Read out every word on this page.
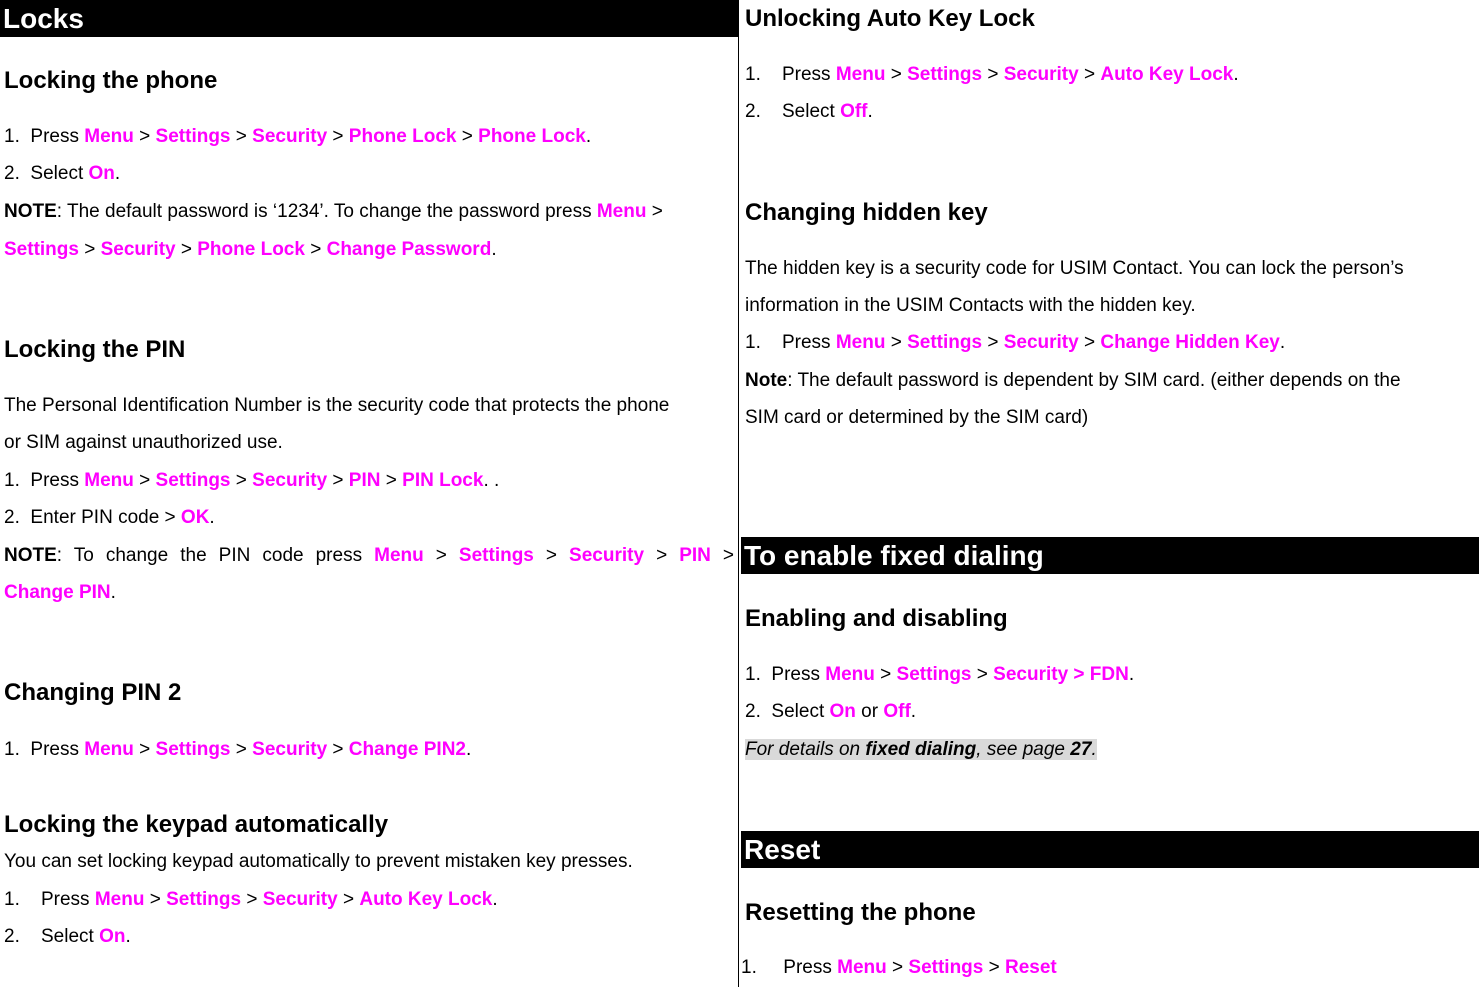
Locks
Locking the phone
1. Press Menu > Settings > Security > Phone Lock > Phone Lock.
2. Select On.
NOTE: The default password is ‘1234’. To change the password press Menu >
Settings > Security > Phone Lock > Change Password.
Locking the PIN
The Personal Identification Number is the security code that protects the phone
or SIM against unauthorized use.
1. Press Menu > Settings > Security > PIN > PIN Lock. .
2. Enter PIN code > OK.
NOTE: To change the PIN code press Menu > Settings > Security > PIN >
Change PIN.
Changing PIN 2
1. Press Menu > Settings > Security > Change PIN2.
Locking the keypad automatically
You can set locking keypad automatically to prevent mistaken key presses.
1. Press Menu > Settings > Security > Auto Key Lock.
2. Select On.
Unlocking Auto Key Lock
1. Press Menu > Settings > Security > Auto Key Lock.
2. Select Off.
Changing hidden key
The hidden key is a security code for USIM Contact. You can lock the person’s
information in the USIM Contacts with the hidden key.
1. Press Menu > Settings > Security > Change Hidden Key.
Note: The default password is dependent by SIM card. (either depends on the
SIM card or determined by the SIM card)
To enable fixed dialing
Enabling and disabling
1. Press Menu > Settings > Security > FDN.
2. Select On or Off.
For details on fixed dialing, see page 27.
Reset
Resetting the phone
1. Press Menu > Settings > Reset
